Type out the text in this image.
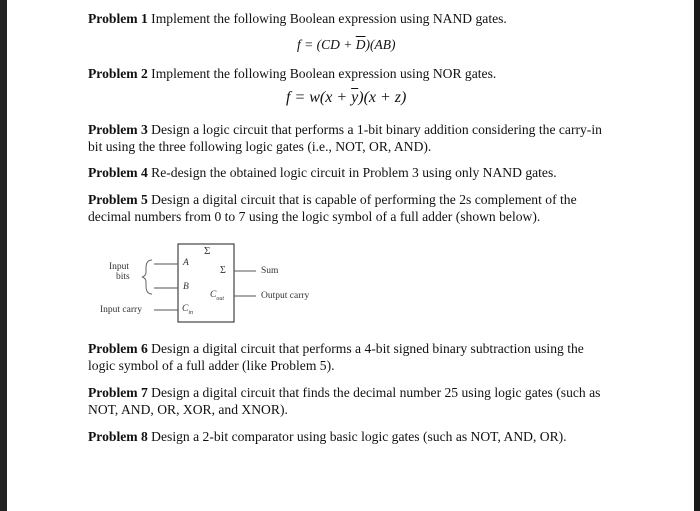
Problem 1 Implement the following Boolean expression using NAND gates.
$f = (CD + \overline{D})(AB)$
Problem 2 Implement the following Boolean expression using NOR gates.
$f = w(x + \overline{y})(x + z)$
Problem 3 Design a logic circuit that performs a 1-bit binary addition considering the carry-in bit using the three following logic gates (i.e., NOT, OR, AND).
Problem 4 Re-design the obtained logic circuit in Problem 3 using only NAND gates.
Problem 5 Design a digital circuit that is capable of performing the 2s complement of the decimal numbers from 0 to 7 using the logic symbol of a full adder (shown below).
Σ
Σ
Input
bits
A
B
$C_{in}$
$C_{out}$
Sum
Output carry
Input carry
Problem 6 Design a digital circuit that performs a 4-bit signed binary subtraction using the logic symbol of a full adder (like Problem 5).
Problem 7 Design a digital circuit that finds the decimal number 25 using logic gates (such as NOT, AND, OR, XOR, and XNOR).
Problem 8 Design a 2-bit comparator using basic logic gates (such as NOT, AND, OR).
